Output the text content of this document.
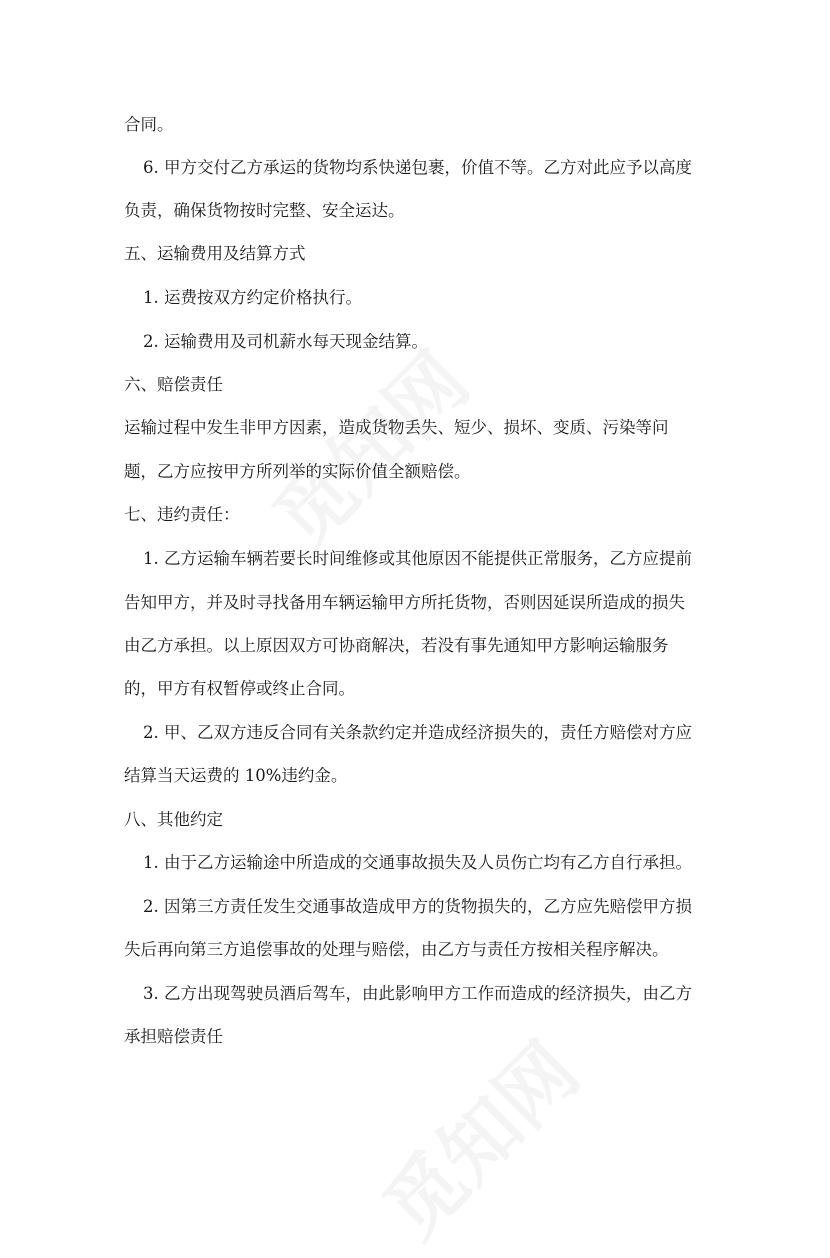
合同。
6. 甲方交付乙方承运的货物均系快递包裹，价值不等。乙方对此应予以高度
负责，确保货物按时完整、安全运达。
五、运输费用及结算方式
1. 运费按双方约定价格执行。
2. 运输费用及司机薪水每天现金结算。
六、赔偿责任
运输过程中发生非甲方因素，造成货物丢失、短少、损坏、变质、污染等问
题，乙方应按甲方所列举的实际价值全额赔偿。
七、违约责任：
1. 乙方运输车辆若要长时间维修或其他原因不能提供正常服务，乙方应提前
告知甲方，并及时寻找备用车辆运输甲方所托货物，否则因延误所造成的损失
由乙方承担。以上原因双方可协商解决，若没有事先通知甲方影响运输服务
的，甲方有权暂停或终止合同。
2. 甲、乙双方违反合同有关条款约定并造成经济损失的，责任方赔偿对方应
结算当天运费的 10%违约金。
八、其他约定
1. 由于乙方运输途中所造成的交通事故损失及人员伤亡均有乙方自行承担。
2. 因第三方责任发生交通事故造成甲方的货物损失的，乙方应先赔偿甲方损
失后再向第三方追偿事故的处理与赔偿，由乙方与责任方按相关程序解决。
3. 乙方出现驾驶员酒后驾车，由此影响甲方工作而造成的经济损失，由乙方
承担赔偿责任
